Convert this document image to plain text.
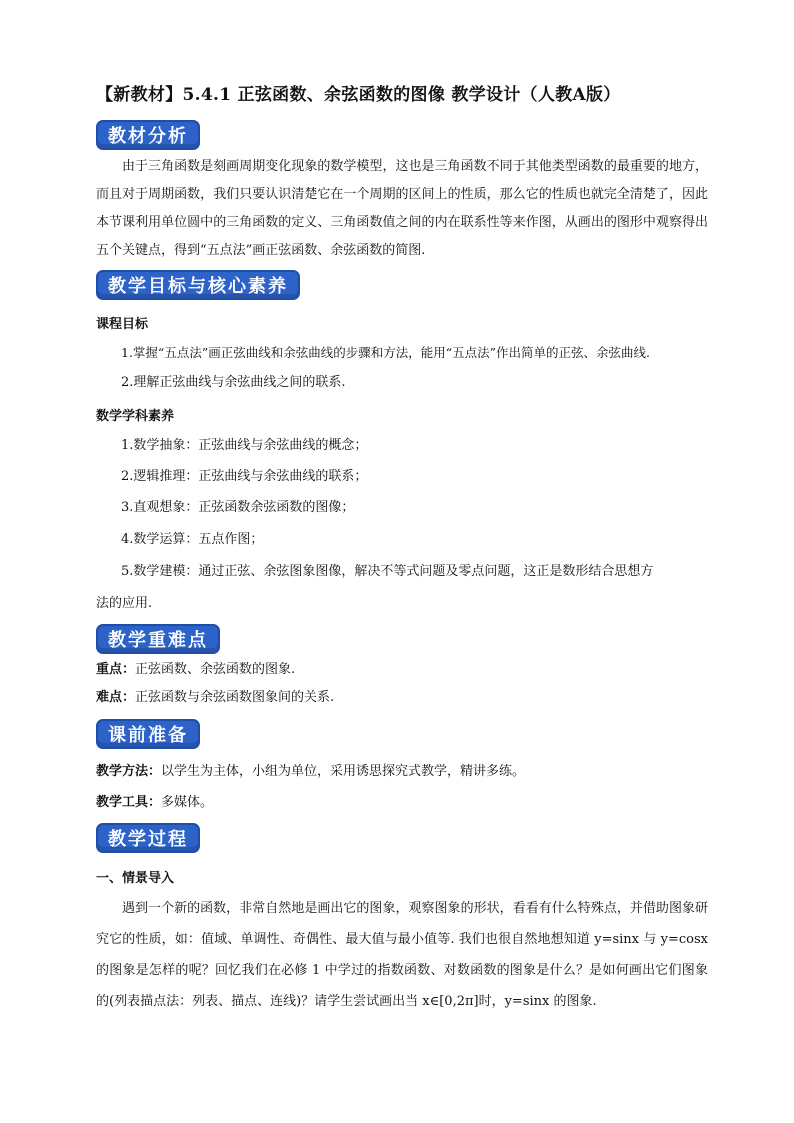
【新教材】5.4.1 正弦函数、余弦函数的图像 教学设计（人教A版）
教材分析
由于三角函数是刻画周期变化现象的数学模型，这也是三角函数不同于其他类型函数的最重要的地方，而且对于周期函数，我们只要认识清楚它在一个周期的区间上的性质，那么它的性质也就完全清楚了，因此本节课利用单位圆中的三角函数的定义、三角函数值之间的内在联系性等来作图，从画出的图形中观察得出五个关键点，得到“五点法”画正弦函数、余弦函数的简图.
教学目标与核心素养
课程目标
1.掌握“五点法”画正弦曲线和余弦曲线的步骤和方法，能用“五点法”作出简单的正弦、余弦曲线.
2.理解正弦曲线与余弦曲线之间的联系.
数学学科素养
1.数学抽象：正弦曲线与余弦曲线的概念；
2.逻辑推理：正弦曲线与余弦曲线的联系；
3.直观想象：正弦函数余弦函数的图像；
4.数学运算：五点作图；
5.数学建模：通过正弦、余弦图象图像，解决不等式问题及零点问题，这正是数形结合思想方
法的应用.
教学重难点
重点：正弦函数、余弦函数的图象.
难点：正弦函数与余弦函数图象间的关系.
课前准备
教学方法：以学生为主体，小组为单位，采用诱思探究式教学，精讲多练。
教学工具：多媒体。
教学过程
一、情景导入
遇到一个新的函数，非常自然地是画出它的图象，观察图象的形状，看看有什么特殊点，并借助图象研究它的性质，如：值域、单调性、奇偶性、最大值与最小值等. 我们也很自然地想知道 y=sinx 与 y=cosx 的图象是怎样的呢？回忆我们在必修 1 中学过的指数函数、对数函数的图象是什么？是如何画出它们图象的(列表描点法：列表、描点、连线)？请学生尝试画出当 x∈[0,2π]时，y=sinx 的图象.
